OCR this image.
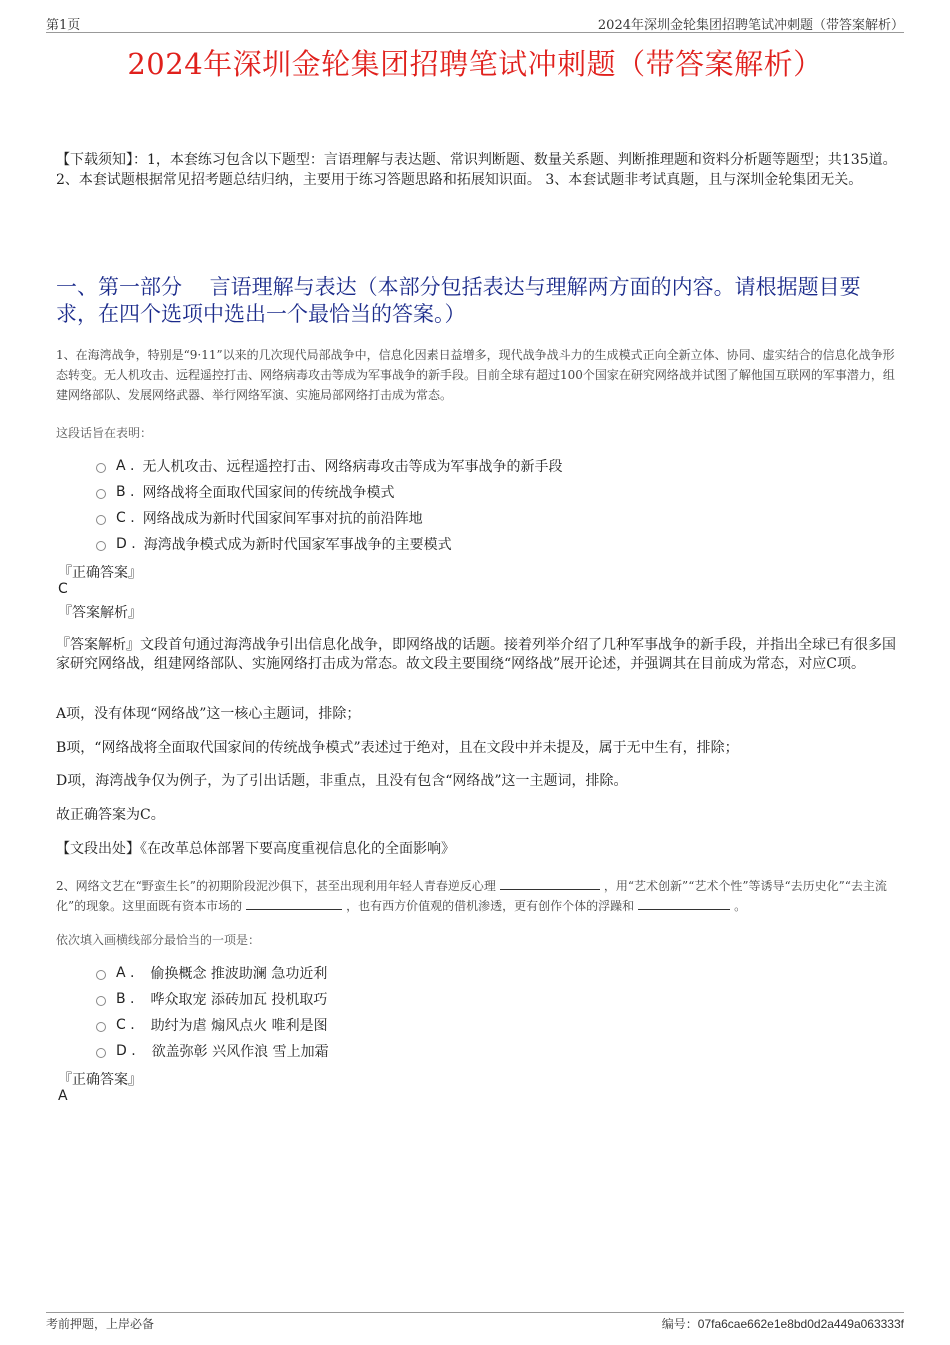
第1页	2024年深圳金轮集团招聘笔试冲刺题（带答案解析）
2024年深圳金轮集团招聘笔试冲刺题（带答案解析）
【下载须知】：1，本套练习包含以下题型：言语理解与表达题、常识判断题、数量关系题、判断推理题和资料分析题等题型；共135道。 2、本套试题根据常见招考题总结归纳，主要用于练习答题思路和拓展知识面。 3、本套试题非考试真题，且与深圳金轮集团无关。
一、第一部分　 言语理解与表达（本部分包括表达与理解两方面的内容。请根据题目要求，在四个选项中选出一个最恰当的答案。）
1、在海湾战争，特别是“9·11”以来的几次现代局部战争中，信息化因素日益增多，现代战争战斗力的生成模式正向全新立体、协同、虚实结合的信息化战争形态转变。无人机攻击、远程遥控打击、网络病毒攻击等成为军事战争的新手段。目前全球有超过100个国家在研究网络战并试图了解他国互联网的军事潜力，组建网络部队、发展网络武器、举行网络军演、实施局部网络打击成为常态。
这段话旨在表明：
A . 无人机攻击、远程遥控打击、网络病毒攻击等成为军事战争的新手段
B . 网络战将全面取代国家间的传统战争模式
C . 网络战成为新时代国家间军事对抗的前沿阵地
D . 海湾战争模式成为新时代国家军事战争的主要模式
『正确答案』
C
『答案解析』
『答案解析』文段首句通过海湾战争引出信息化战争，即网络战的话题。接着列举介绍了几种军事战争的新手段，并指出全球已有很多国家研究网络战，组建网络部队、实施网络打击成为常态。故文段主要围绕“网络战”展开论述，并强调其在目前成为常态，对应C项。
A项，没有体现“网络战”这一核心主题词，排除；
B项，“网络战将全面取代国家间的传统战争模式”表述过于绝对，且在文段中并未提及，属于无中生有，排除；
D项，海湾战争仅为例子，为了引出话题，非重点，且没有包含“网络战”这一主题词，排除。
故正确答案为C。
【文段出处】《在改革总体部署下要高度重视信息化的全面影响》
2、网络文艺在“野蛮生长”的初期阶段泥沙俱下，甚至出现利用年轻人青春逆反心理	，用“艺术创新”“艺术个性”等诱导“去历史化”“去主流化”的现象。这里面既有资本市场的	，也有西方价值观的借机渗透，更有创作个体的浮躁和	。
依次填入画横线部分最恰当的一项是：
A . 偷换概念 推波助澜 急功近利
B . 哗众取宠 添砖加瓦 投机取巧
C . 助纣为虐 煽风点火 唯利是图
D . 欲盖弥彰 兴风作浪 雪上加霜
『正确答案』
A
考前押题，上岸必备	编号：07fa6cae662e1e8bd0d2a449a063333f
